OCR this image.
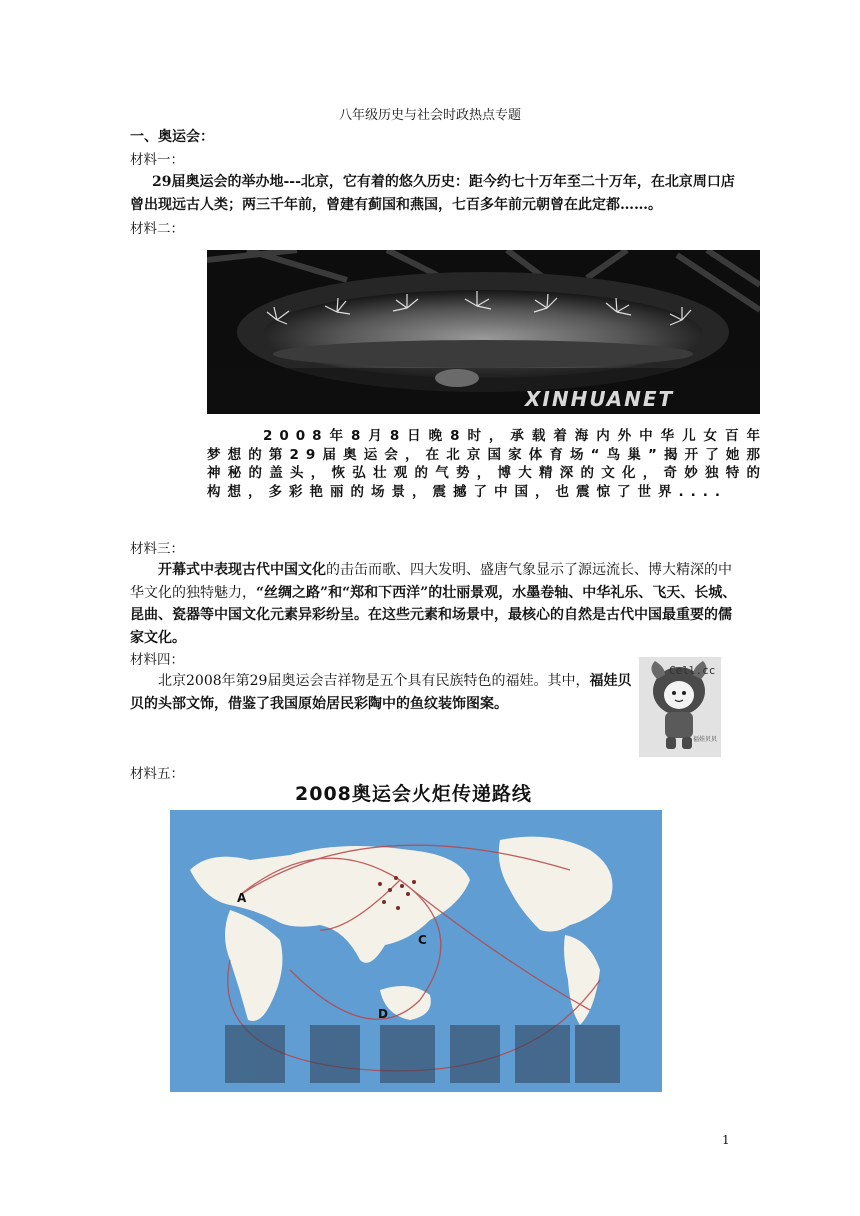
八年级历史与社会时政热点专题
一、奥运会：
材料一：
29届奥运会的举办地---北京，它有着的悠久历史：距今约七十万年至二十万年，在北京周口店曾出现远古人类；两三千年前，曾建有蓟国和燕国，七百多年前元朝曾在此定都……。
材料二：
XINHUANET
2008年8月8日晚8时，承载着海内外中华儿女百年梦想的第29届奥运会，在北京国家体育场“鸟巢”揭开了她那神秘的盖头，恢弘壮观的气势，博大精深的文化，奇妙独特的构想，多彩艳丽的场景，震撼了中国，也震惊了世界....
材料三：
开幕式中表现古代中国文化的击缶而歌、四大发明、盛唐气象显示了源远流长、博大精深的中华文化的独特魅力，“丝绸之路”和“郑和下西洋”的壮丽景观，水墨卷轴、中华礼乐、飞天、长城、昆曲、瓷器等中国文化元素异彩纷呈。在这些元素和场景中，最核心的自然是古代中国最重要的儒家文化。
材料四：
北京2008年第29届奥运会吉祥物是五个具有民族特色的福娃。其中，福娃贝贝的头部文饰，借鉴了我国原始居民彩陶中的鱼纹装饰图案。
Cell.cc
福娃贝贝
材料五：
2008奥运会火炬传递路线
A
C
D
1
